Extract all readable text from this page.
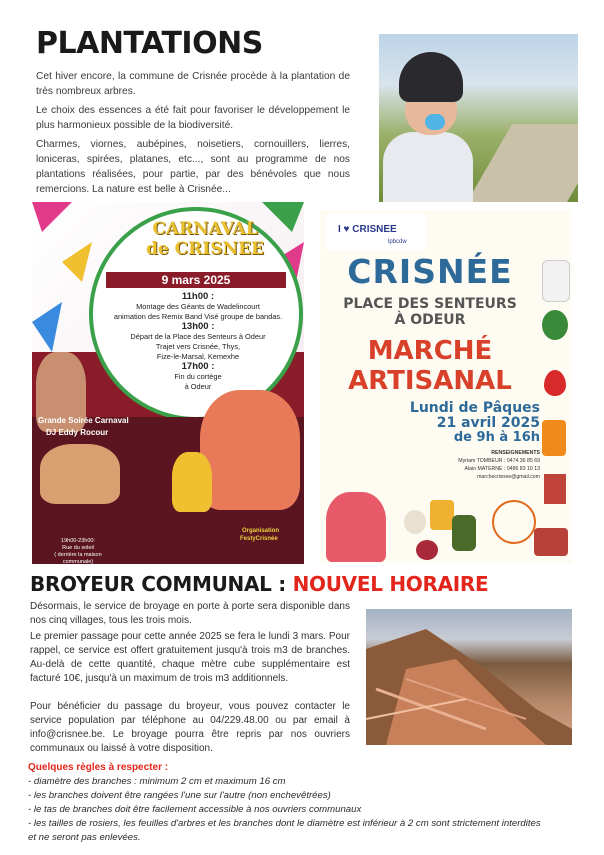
PLANTATIONS

Cet hiver encore, la commune de Crisnée procède à la plantation de très nombreux arbres.

Le choix des essences a été fait pour favoriser le développement le plus harmonieux possible de la biodiversité.

Charmes, viornes, aubépines, noisetiers, cornouillers, lierres, loniceras, spirées, platanes, etc..., sont au programme de nos plantations réalisées, pour partie, par des bénévoles que nous remercions. La nature est belle à Crisnée...

CARNAVAL
de CRISNEE
9 mars 2025
11h00 :
Montage des Géants de Wadelincourt
animation des Remix Band Visé groupe de bandas.
13h00 :
Départ de la Place des Senteurs à Odeur
Trajet vers Crisnée, Thys,
Fize-le-Marsal, Kemexhe
17h00 :
Fin du cortège
à Odeur
Grande Soirée Carnaval
DJ Eddy Rocour
19h00-23h00:
Rue du soleil
( derrière la maison communale)
Organisation
FestyCrisnée
I ♥ CRISNEE
lpbcdw
CRISNÉE
PLACE DES SENTEURS
À ODEUR
MARCHÉ
ARTISANAL
Lundi de Pâques
21 avril 2025
de 9h à 16h
RENSEIGNEMENTS
Myriam TOMBEUR : 0474 36 85 69
Alain MATERNE : 0486 83 10 13
marchecrisnee@gmail.com
BROYEUR COMMUNAL : NOUVEL HORAIRE

Désormais, le service de broyage en porte à porte sera disponible dans nos cinq villages, tous les trois mois.

Le premier passage pour cette année 2025 se fera le lundi 3 mars. Pour rappel, ce service est offert gratuitement jusqu'à trois m3 de branches. Au-delà de cette quantité, chaque mètre cube supplémentaire est facturé 10€, jusqu'à un maximum de trois m3 additionnels.

Pour bénéficier du passage du broyeur, vous pouvez contacter le service population par téléphone au 04/229.48.00 ou par email à info@crisnee.be. Le broyage pourra être repris par nos ouvriers communaux ou laissé à votre disposition.

Quelques règles à respecter :
- diamètre des branches : minimum 2 cm et maximum 16 cm
- les branches doivent être rangées l'une sur l'autre (non enchevêtrées)
- le tas de branches doit être facilement accessible à nos ouvriers communaux
- les tailles de rosiers, les feuilles d'arbres et les branches dont le diamètre est inférieur à 2 cm sont strictement interdites
et ne seront pas enlevées.
